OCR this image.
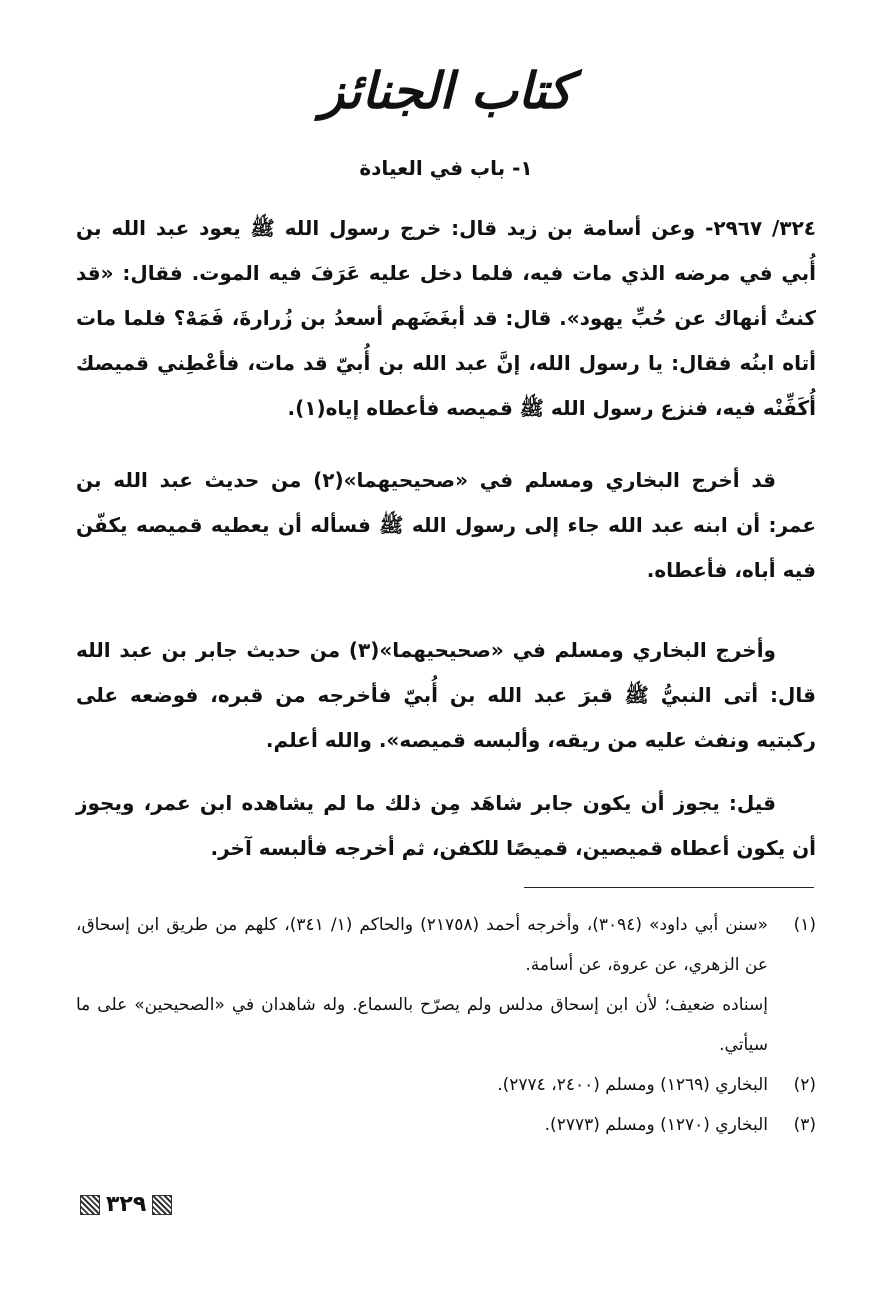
كتاب الجنائز
١- باب في العيادة
٣٢٤/ ٢٩٦٧- وعن أسامة بن زيد قال: خرج رسول الله ﷺ يعود عبد الله بن أُبي في مرضه الذي مات فيه، فلما دخل عليه عَرَفَ فيه الموت. فقال: «قد كنتُ أنهاك عن حُبِّ يهود». قال: قد أبغَضَهم أسعدُ بن زُرارةَ، فَمَهْ؟ فلما مات أتاه ابنُه فقال: يا رسول الله، إنَّ عبد الله بن أُبيّ قد مات، فأعْطِني قميصك أُكَفِّنْه فيه، فنزع رسول الله ﷺ قميصه فأعطاه إياه(١).
قد أخرج البخاري ومسلم في «صحيحيهما»(٢) من حديث عبد الله بن عمر: أن ابنه عبد الله جاء إلى رسول الله ﷺ فسأله أن يعطيه قميصه يكفّن فيه أباه، فأعطاه.
وأخرج البخاري ومسلم في «صحيحيهما»(٣) من حديث جابر بن عبد الله قال: أتى النبيُّ ﷺ قبرَ عبد الله بن أُبيّ فأخرجه من قبره، فوضعه على ركبتيه ونفث عليه من ريقه، وألبسه قميصه». والله أعلم.
قيل: يجوز أن يكون جابر شاهَد مِن ذلك ما لم يشاهده ابن عمر، ويجوز أن يكون أعطاه قميصين، قميصًا للكفن، ثم أخرجه فألبسه آخر.
(١)
«سنن أبي داود» (٣٠٩٤)، وأخرجه أحمد (٢١٧٥٨) والحاكم (١/ ٣٤١)، كلهم من طريق ابن إسحاق، عن الزهري، عن عروة، عن أسامة.
إسناده ضعيف؛ لأن ابن إسحاق مدلس ولم يصرّح بالسماع. وله شاهدان في «الصحيحين» على ما سيأتي.
(٢)
البخاري (١٢٦٩) ومسلم (٢٤٠٠، ٢٧٧٤).
(٣)
البخاري (١٢٧٠) ومسلم (٢٧٧٣).
٣٢٩
